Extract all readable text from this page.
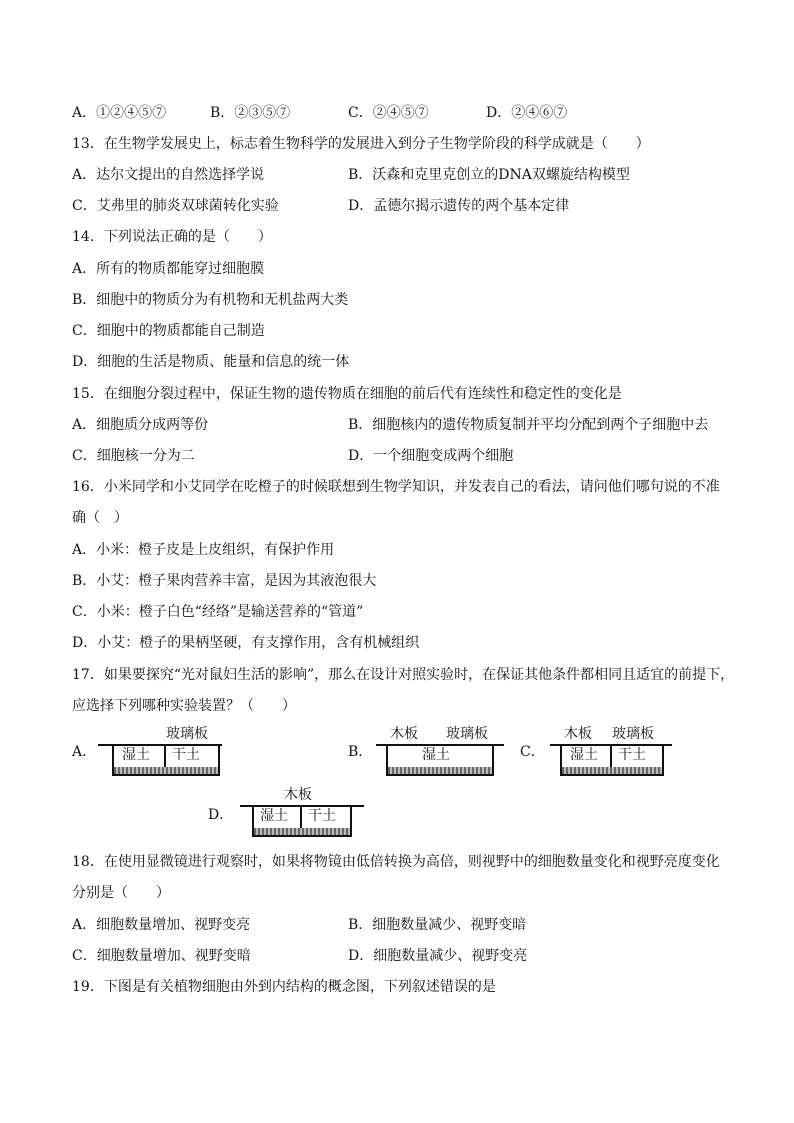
A．①②④⑤⑦	B．②③⑤⑦	C．②④⑤⑦	D．②④⑥⑦
13．在生物学发展史上，标志着生物科学的发展进入到分子生物学阶段的科学成就是（　　）
A．达尔文提出的自然选择学说	B．沃森和克里克创立的DNA双螺旋结构模型
C．艾弗里的肺炎双球菌转化实验	D．孟德尔揭示遗传的两个基本定律
14．下列说法正确的是（　　）
A．所有的物质都能穿过细胞膜
B．细胞中的物质分为有机物和无机盐两大类
C．细胞中的物质都能自己制造
D．细胞的生活是物质、能量和信息的统一体
15．在细胞分裂过程中，保证生物的遗传物质在细胞的前后代有连续性和稳定性的变化是
A．细胞质分成两等份	B．细胞核内的遗传物质复制并平均分配到两个子细胞中去
C．细胞核一分为二	D．一个细胞变成两个细胞
16．小米同学和小艾同学在吃橙子的时候联想到生物学知识，并发表自己的看法，请问他们哪句说的不准
确（　）
A．小米：橙子皮是上皮组织，有保护作用
B．小艾：橙子果肉营养丰富，是因为其液泡很大
C．小米：橙子白色“经络”是输送营养的“管道”
D．小艾：橙子的果柄坚硬，有支撑作用，含有机械组织
17．如果要探究“光对鼠妇生活的影响”，那么在设计对照实验时，在保证其他条件都相同且适宜的前提下，
应选择下列哪种实验装置？（　　）
A．
玻璃板
湿土 干土	B．
木板 玻璃板
湿土	C．
木板 玻璃板
湿土 干土
D．
木板
湿土 干土
18．在使用显微镜进行观察时，如果将物镜由低倍转换为高倍，则视野中的细胞数量变化和视野亮度变化
分别是（　　）
A．细胞数量增加、视野变亮	B．细胞数量减少、视野变暗
C．细胞数量增加、视野变暗	D．细胞数量减少、视野变亮
19．下图是有关植物细胞由外到内结构的概念图，下列叙述错误的是
